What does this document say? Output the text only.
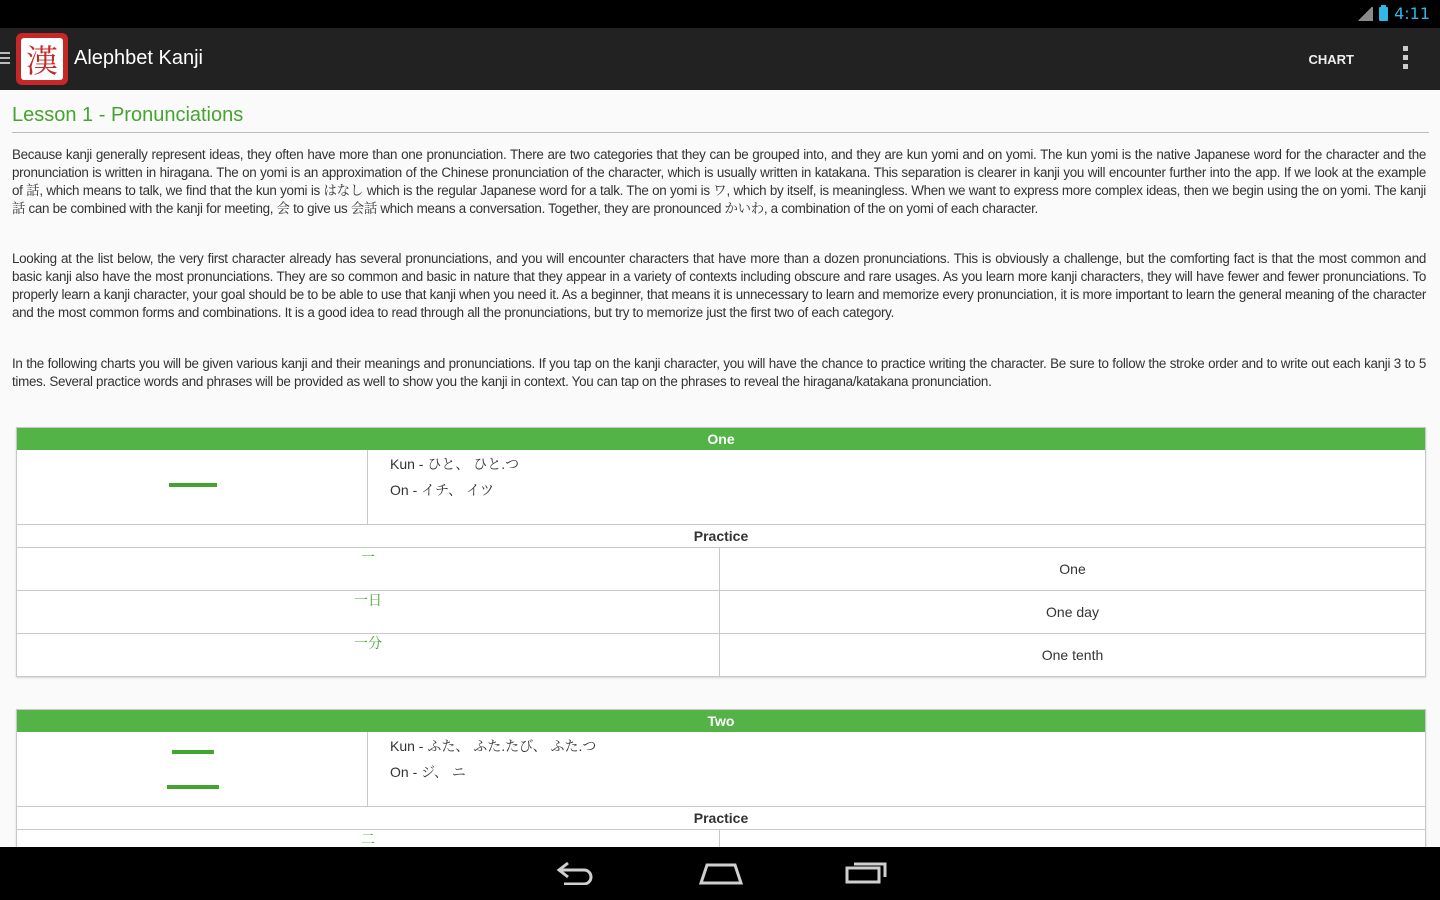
4:11
漢 Alephbet Kanji	CHART
Lesson 1 - Pronunciations

Because kanji generally represent ideas, they often have more than one pronunciation. There are two categories that they can be grouped into, and they are kun yomi and on yomi. The kun yomi is the native Japanese word for the character and the pronunciation is written in hiragana. The on yomi is an approximation of the Chinese pronunciation of the character, which is usually written in katakana. This separation is clearer in kanji you will encounter further into the app. If we look at the example of 話, which means to talk, we find that the kun yomi is はなし which is the regular Japanese word for a talk. The on yomi is ワ, which by itself, is meaningless. When we want to express more complex ideas, then we begin using the on yomi. The kanji 話 can be combined with the kanji for meeting, 会 to give us 会話 which means a conversation. Together, they are pronounced かいわ, a combination of the on yomi of each character.

Looking at the list below, the very first character already has several pronunciations, and you will encounter characters that have more than a dozen pronunciations. This is obviously a challenge, but the comforting fact is that the most common and basic kanji also have the most pronunciations. They are so common and basic in nature that they appear in a variety of contexts including obscure and rare usages. As you learn more kanji characters, they will have fewer and fewer pronunciations. To properly learn a kanji character, your goal should be to be able to use that kanji when you need it. As a beginner, that means it is unnecessary to learn and memorize every pronunciation, it is more important to learn the general meaning of the character and the most common forms and combinations. It is a good idea to read through all the pronunciations, but try to memorize just the first two of each category.

In the following charts you will be given various kanji and their meanings and pronunciations. If you tap on the kanji character, you will have the chance to practice writing the character. Be sure to follow the stroke order and to write out each kanji 3 to 5 times. Several practice words and phrases will be provided as well to show you the kanji in context. You can tap on the phrases to reveal the hiragana/katakana pronunciation.

One
Kun - ひと、 ひと.つ
On - イチ、 イツ
Practice
一
One
一日
One day
一分
One tenth
Two
Kun - ふた、 ふた.たび、 ふた.つ
On - ジ、 ニ
Practice
二
